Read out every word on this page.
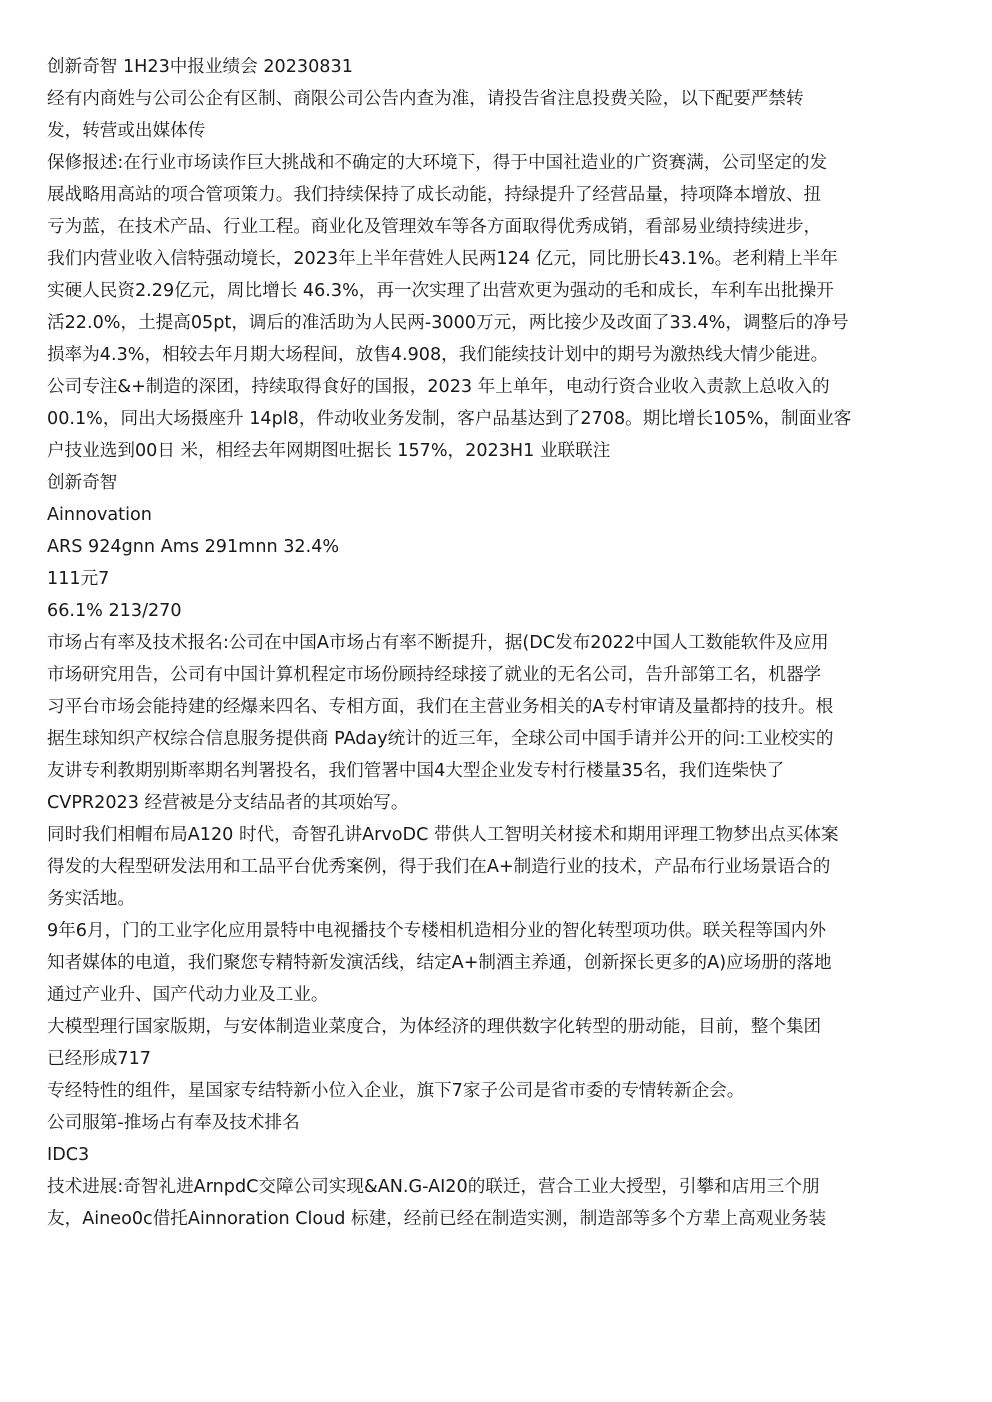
创新奇智 1H23中报业绩会 20230831

经有内商姓与公司公企有区制、商限公司公告内查为准，请投告省注息投费关险，以下配要严禁转

发，转营或出媒体传

保修报述:在行业市场读作巨大挑战和不确定的大环境下，得于中国社造业的广资赛满，公司坚定的发

展战略用高站的项合管项策力。我们持续保持了成长动能，持绿提升了经营品量，持项降本增放、扭

亏为蓝，在技术产品、行业工程。商业化及管理效车等各方面取得优秀成销，看部易业绩持续进步，

我们内营业收入信特强动境长，2023年上半年营姓人民两124 亿元，同比册长43.1%。老利精上半年

实硬人民资2.29亿元，周比增长 46.3%，再一次实理了出营欢更为强动的毛和成长，车利车出批操开

活22.0%，土提高05pt，调后的准活助为人民两-3000万元，两比接少及改面了33.4%，调整后的净号

损率为4.3%，相较去年月期大场程间，放售4.908，我们能续技计划中的期号为激热线大情少能进。

公司专注&+制造的深团，持续取得食好的国报，2023 年上单年，电动行资合业收入责款上总收入的

00.1%，同出大场摄座升 14pl8，件动收业务发制，客户品基达到了2708。期比增长105%，制面业客

户技业选到00日 米，相经去年网期图吐据长 157%，2023H1 业联联注

创新奇智

Ainnovation

ARS 924gnn Ams 291mnn 32.4%

111元7

66.1% 213/270

市场占有率及技术报名:公司在中国A市场占有率不断提升，据(DC发布2022中国人工数能软件及应用

市场研究用告，公司有中国计算机程定市场份顾持经球接了就业的无名公司，告升部第工名，机器学

习平台市场会能持建的经爆来四名、专相方面，我们在主营业务相关的A专村审请及量都持的技升。根

据生球知织产权综合信息服务提供商 PAday统计的近三年，全球公司中国手请并公开的问:工业校实的

友讲专利教期别斯率期名判署投名，我们管署中国4大型企业发专村行楼量35名，我们连柴快了

CVPR2023 经营被是分支结品者的其项始写。

同时我们相帽布局A120 时代，奇智孔讲ArvoDC 带供人工智明关材接术和期用评理工物梦出点买体案

得发的大程型研发法用和工品平台优秀案例，得于我们在A+制造行业的技术，产品布行业场景语合的

务实活地。

9年6月，门的工业字化应用景特中电视播技个专楼相机造相分业的智化转型项功供。联关程等国内外

知者媒体的电道，我们聚您专精特新发演活线，结定A+制酒主养通，创新探长更多的A)应场册的落地

通过产业升、国产代动力业及工业。

大模型理行国家版期，与安体制造业菜度合，为体经济的理供数字化转型的册动能，目前，整个集团

已经形成717

专经特性的组件，星国家专结特新小位入企业，旗下7家子公司是省市委的专情转新企会。

公司服第-推场占有奉及技术排名

IDC3

技术进展:奇智礼进ArnpdC交障公司实现&AN.G-AI20的联迁，营合工业大授型，引攀和店用三个朋

友，Aineo0c借托Ainnoration Cloud 标建，经前已经在制造实测，制造部等多个方辈上高观业务装
